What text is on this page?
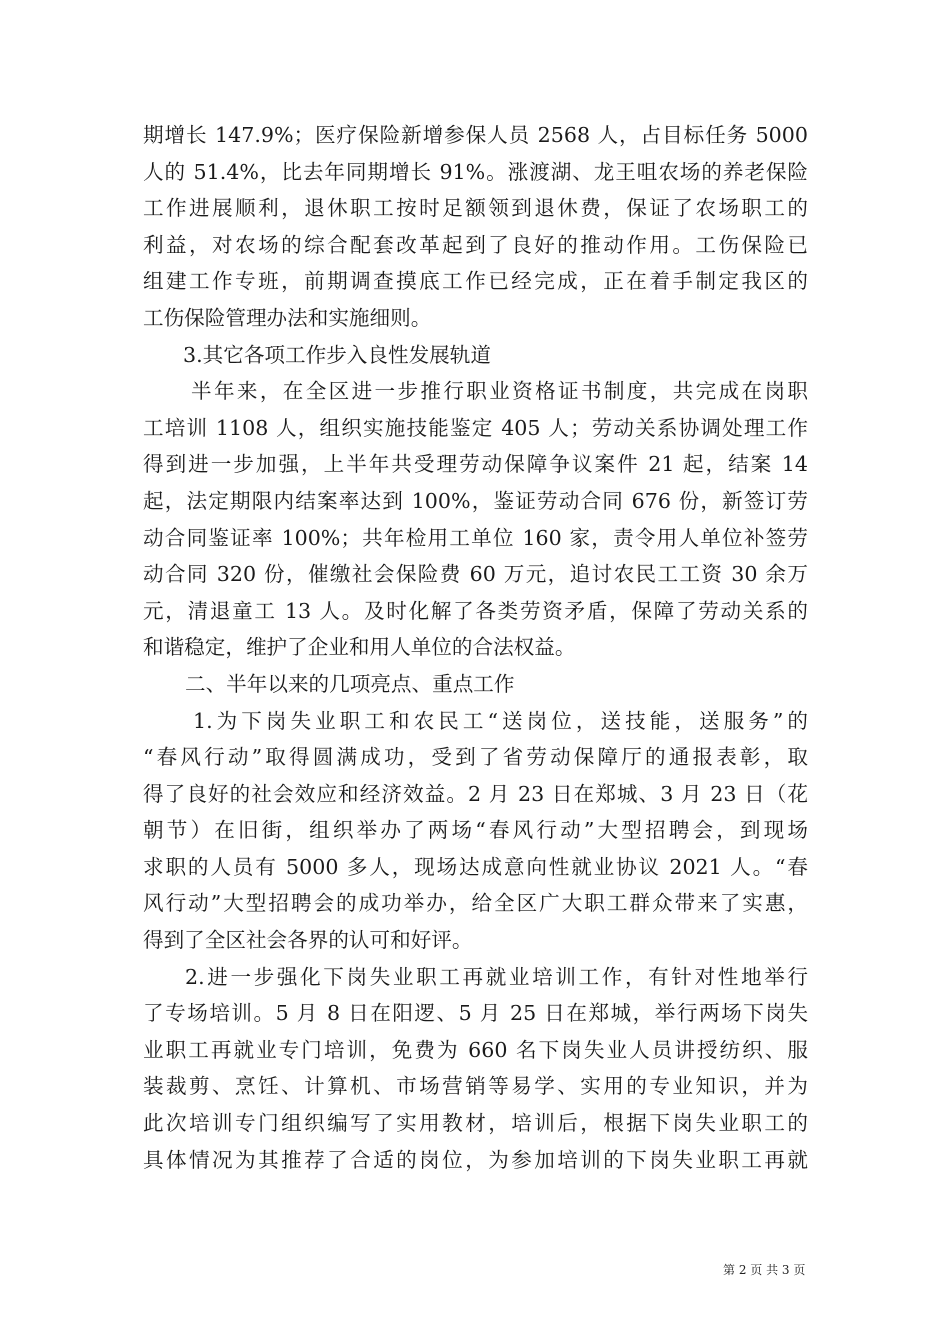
期增长 147.9%；医疗保险新增参保人员 2568 人，占目标任务 5000
人的 51.4%，比去年同期增长 91%。涨渡湖、龙王咀农场的养老保险
工作进展顺利，退休职工按时足额领到退休费，保证了农场职工的
利益，对农场的综合配套改革起到了良好的推动作用。工伤保险已
组建工作专班，前期调查摸底工作已经完成，正在着手制定我区的
工伤保险管理办法和实施细则。
3.其它各项工作步入良性发展轨道
半年来，在全区进一步推行职业资格证书制度，共完成在岗职
工培训 1108 人，组织实施技能鉴定 405 人；劳动关系协调处理工作
得到进一步加强，上半年共受理劳动保障争议案件 21 起，结案 14
起，法定期限内结案率达到 100%，鉴证劳动合同 676 份，新签订劳
动合同鉴证率 100%；共年检用工单位 160 家，责令用人单位补签劳
动合同 320 份，催缴社会保险费 60 万元，追讨农民工工资 30 余万
元，清退童工 13 人。及时化解了各类劳资矛盾，保障了劳动关系的
和谐稳定，维护了企业和用人单位的合法权益。
二、半年以来的几项亮点、重点工作
1.为下岗失业职工和农民工“送岗位，送技能，送服务”的
“春风行动”取得圆满成功，受到了省劳动保障厅的通报表彰，取
得了良好的社会效应和经济效益。2 月 23 日在郑城、3 月 23 日（花
朝节）在旧街，组织举办了两场“春风行动”大型招聘会，到现场
求职的人员有 5000 多人，现场达成意向性就业协议 2021 人。“春
风行动”大型招聘会的成功举办，给全区广大职工群众带来了实惠，
得到了全区社会各界的认可和好评。
2.进一步强化下岗失业职工再就业培训工作，有针对性地举行
了专场培训。5 月 8 日在阳逻、5 月 25 日在郑城，举行两场下岗失
业职工再就业专门培训，免费为 660 名下岗失业人员讲授纺织、服
装裁剪、烹饪、计算机、市场营销等易学、实用的专业知识，并为
此次培训专门组织编写了实用教材，培训后，根据下岗失业职工的
具体情况为其推荐了合适的岗位，为参加培训的下岗失业职工再就
第 2 页 共 3 页
